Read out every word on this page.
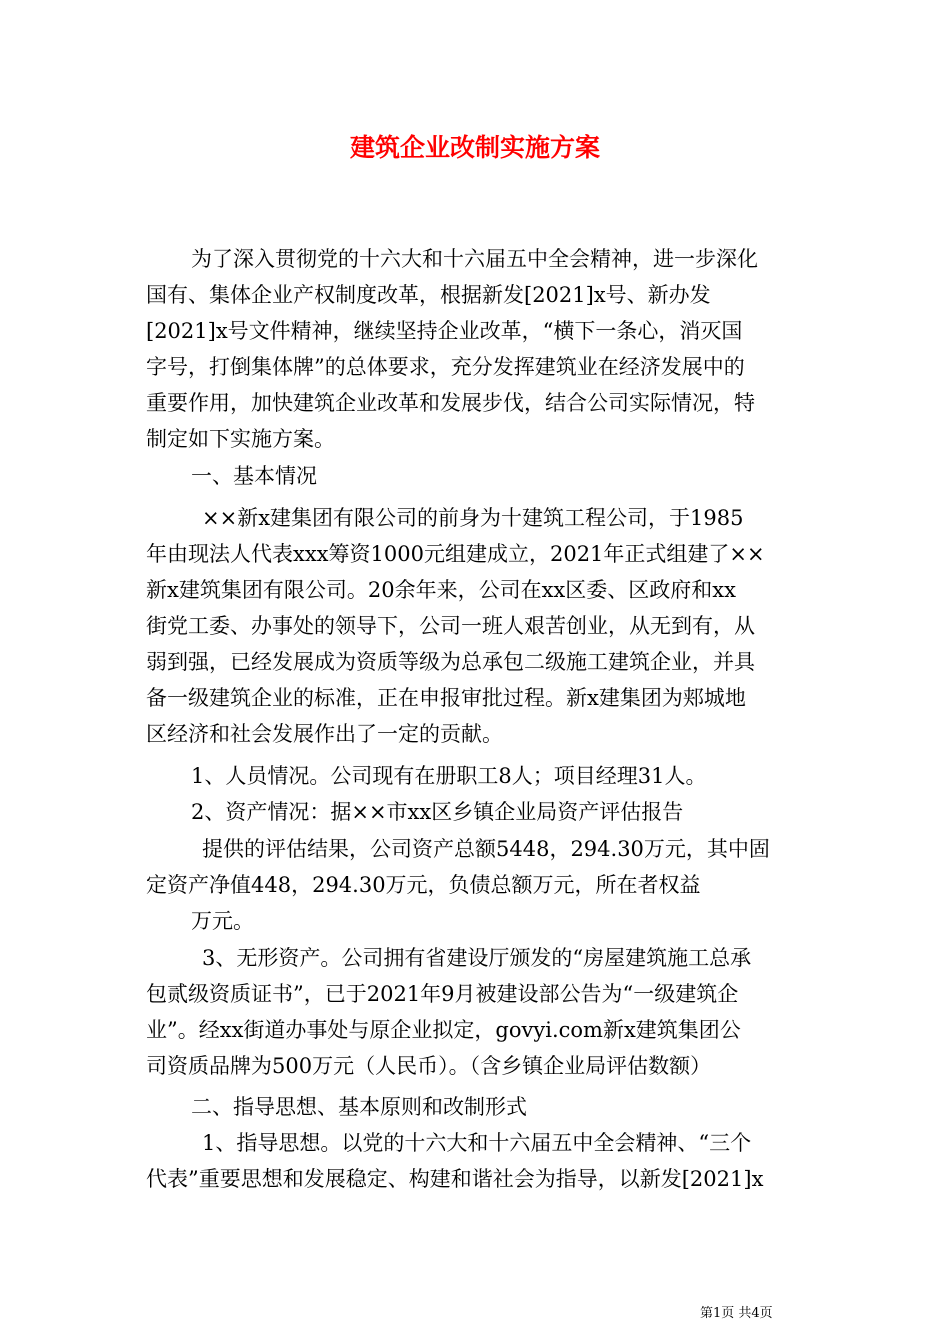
建筑企业改制实施方案
为了深入贯彻党的十六大和十六届五中全会精神，进一步深化
国有、集体企业产权制度改革，根据新发[2021]x号、新办发
[2021]x号文件精神，继续坚持企业改革，“横下一条心，消灭国
字号，打倒集体牌”的总体要求，充分发挥建筑业在经济发展中的
重要作用，加快建筑企业改革和发展步伐，结合公司实际情况，特
制定如下实施方案。
一、基本情况
××新x建集团有限公司的前身为十建筑工程公司，于1985
年由现法人代表xxx筹资1000元组建成立，2021年正式组建了××
新x建筑集团有限公司。20余年来，公司在xx区委、区政府和xx
街党工委、办事处的领导下，公司一班人艰苦创业，从无到有，从
弱到强，已经发展成为资质等级为总承包二级施工建筑企业，并具
备一级建筑企业的标准，正在申报审批过程。新x建集团为郏城地
区经济和社会发展作出了一定的贡献。
1、人员情况。公司现有在册职工8人；项目经理31人。
2、资产情况：据××市xx区乡镇企业局资产评估报告
提供的评估结果，公司资产总额5448，294.30万元，其中固
定资产净值448，294.30万元，负债总额万元，所在者权益
万元。
3、无形资产。公司拥有省建设厅颁发的“房屋建筑施工总承
包贰级资质证书”，已于2021年9月被建设部公告为“一级建筑企
业”。经xx街道办事处与原企业拟定，govyi.com新x建筑集团公
司资质品牌为500万元（人民币）。（含乡镇企业局评估数额）
二、指导思想、基本原则和改制形式
1、指导思想。以党的十六大和十六届五中全会精神、“三个
代表”重要思想和发展稳定、构建和谐社会为指导，以新发[2021]x
第1页 共4页
